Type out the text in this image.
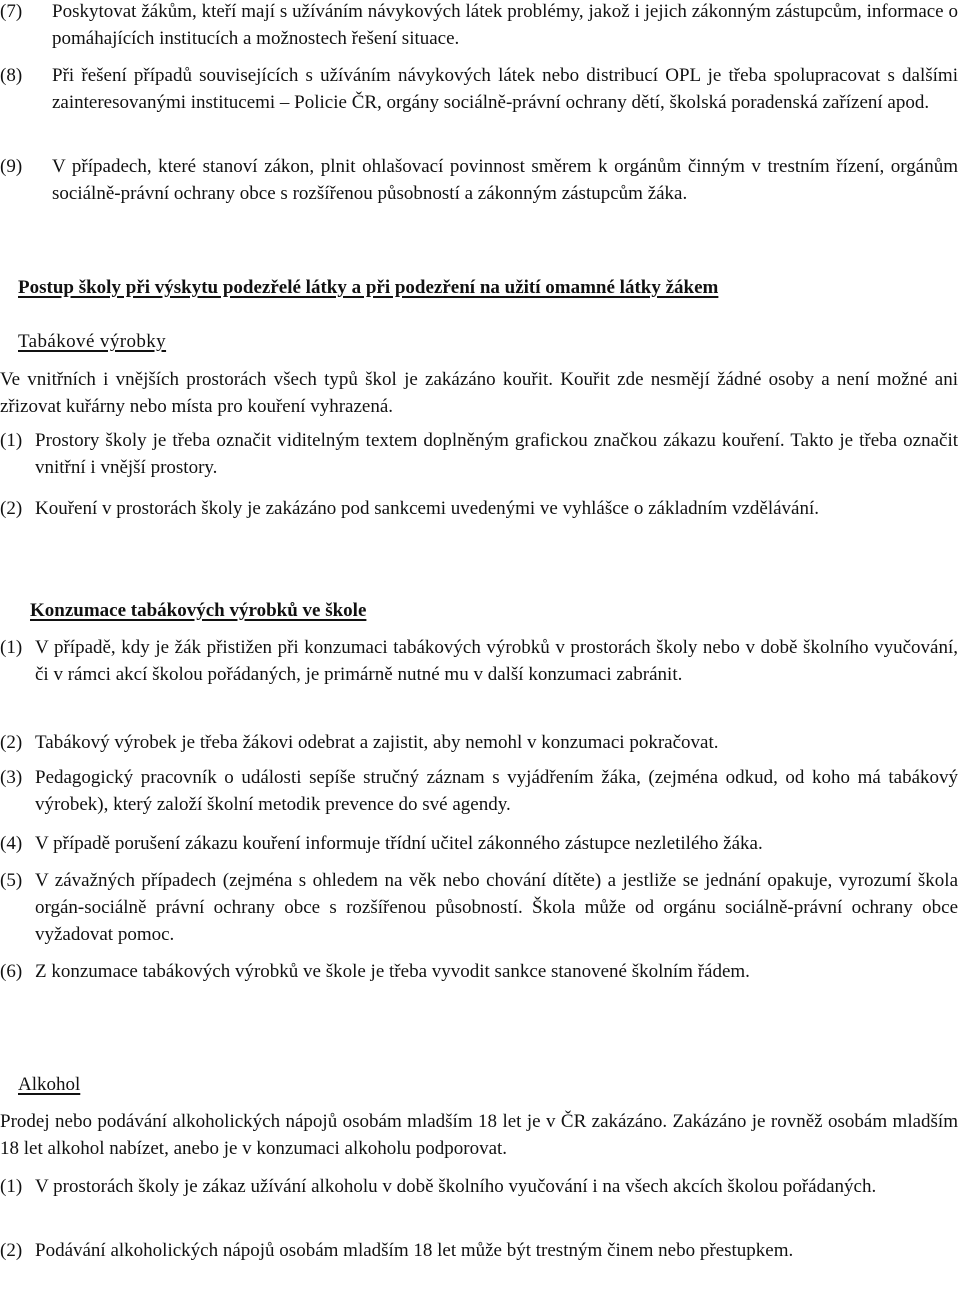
(7) Poskytovat žákům, kteří mají s užíváním návykových látek problémy, jakož i jejich zákonným zástupcům, informace o pomáhajících institucích a možnostech řešení situace.
(8) Při řešení případů souvisejících s užíváním návykových látek nebo distribucí OPL je třeba spolupracovat s dalšími zainteresovanými institucemi – Policie ČR, orgány sociálně-právní ochrany dětí, školská poradenská zařízení apod.
(9) V případech, které stanoví zákon, plnit ohlašovací povinnost směrem k orgánům činným v trestním řízení, orgánům sociálně-právní ochrany obce s rozšířenou působností a zákonným zástupcům žáka.
Postup školy při výskytu podezřelé látky a při podezření na užití omamné látky žákem
Tabákové výrobky
Ve vnitřních i vnějších prostorách všech typů škol je zakázáno kouřit. Kouřit zde nesmějí žádné osoby a není možné ani zřizovat kuřárny nebo místa pro kouření vyhrazená.
(1) Prostory školy je třeba označit viditelným textem doplněným grafickou značkou zákazu kouření. Takto je třeba označit vnitřní i vnější prostory.
(2) Kouření v prostorách školy je zakázáno pod sankcemi uvedenými ve vyhlášce o základním vzdělávání.
Konzumace tabákových výrobků ve škole
(1) V případě, kdy je žák přistižen při konzumaci tabákových výrobků v prostorách školy nebo v době školního vyučování, či v rámci akcí školou pořádaných, je primárně nutné mu v další konzumaci zabránit.
(2) Tabákový výrobek je třeba žákovi odebrat a zajistit, aby nemohl v konzumaci pokračovat.
(3) Pedagogický pracovník o události sepíše stručný záznam s vyjádřením žáka, (zejména odkud, od koho má tabákový výrobek), který založí školní metodik prevence do své agendy.
(4) V případě porušení zákazu kouření informuje třídní učitel zákonného zástupce nezletilého žáka.
(5) V závažných případech (zejména s ohledem na věk nebo chování dítěte) a jestliže se jednání opakuje, vyrozumí škola orgán-sociálně právní ochrany obce s rozšířenou působností. Škola může od orgánu sociálně-právní ochrany obce vyžadovat pomoc.
(6) Z konzumace tabákových výrobků ve škole je třeba vyvodit sankce stanovené školním řádem.
Alkohol
Prodej nebo podávání alkoholických nápojů osobám mladším 18 let je v ČR zakázáno. Zakázáno je rovněž osobám mladším 18 let alkohol nabízet, anebo je v konzumaci alkoholu podporovat.
(1) V prostorách školy je zákaz užívání alkoholu v době školního vyučování i na všech akcích školou pořádaných.
(2) Podávání alkoholických nápojů osobám mladším 18 let může být trestným činem nebo přestupkem.
